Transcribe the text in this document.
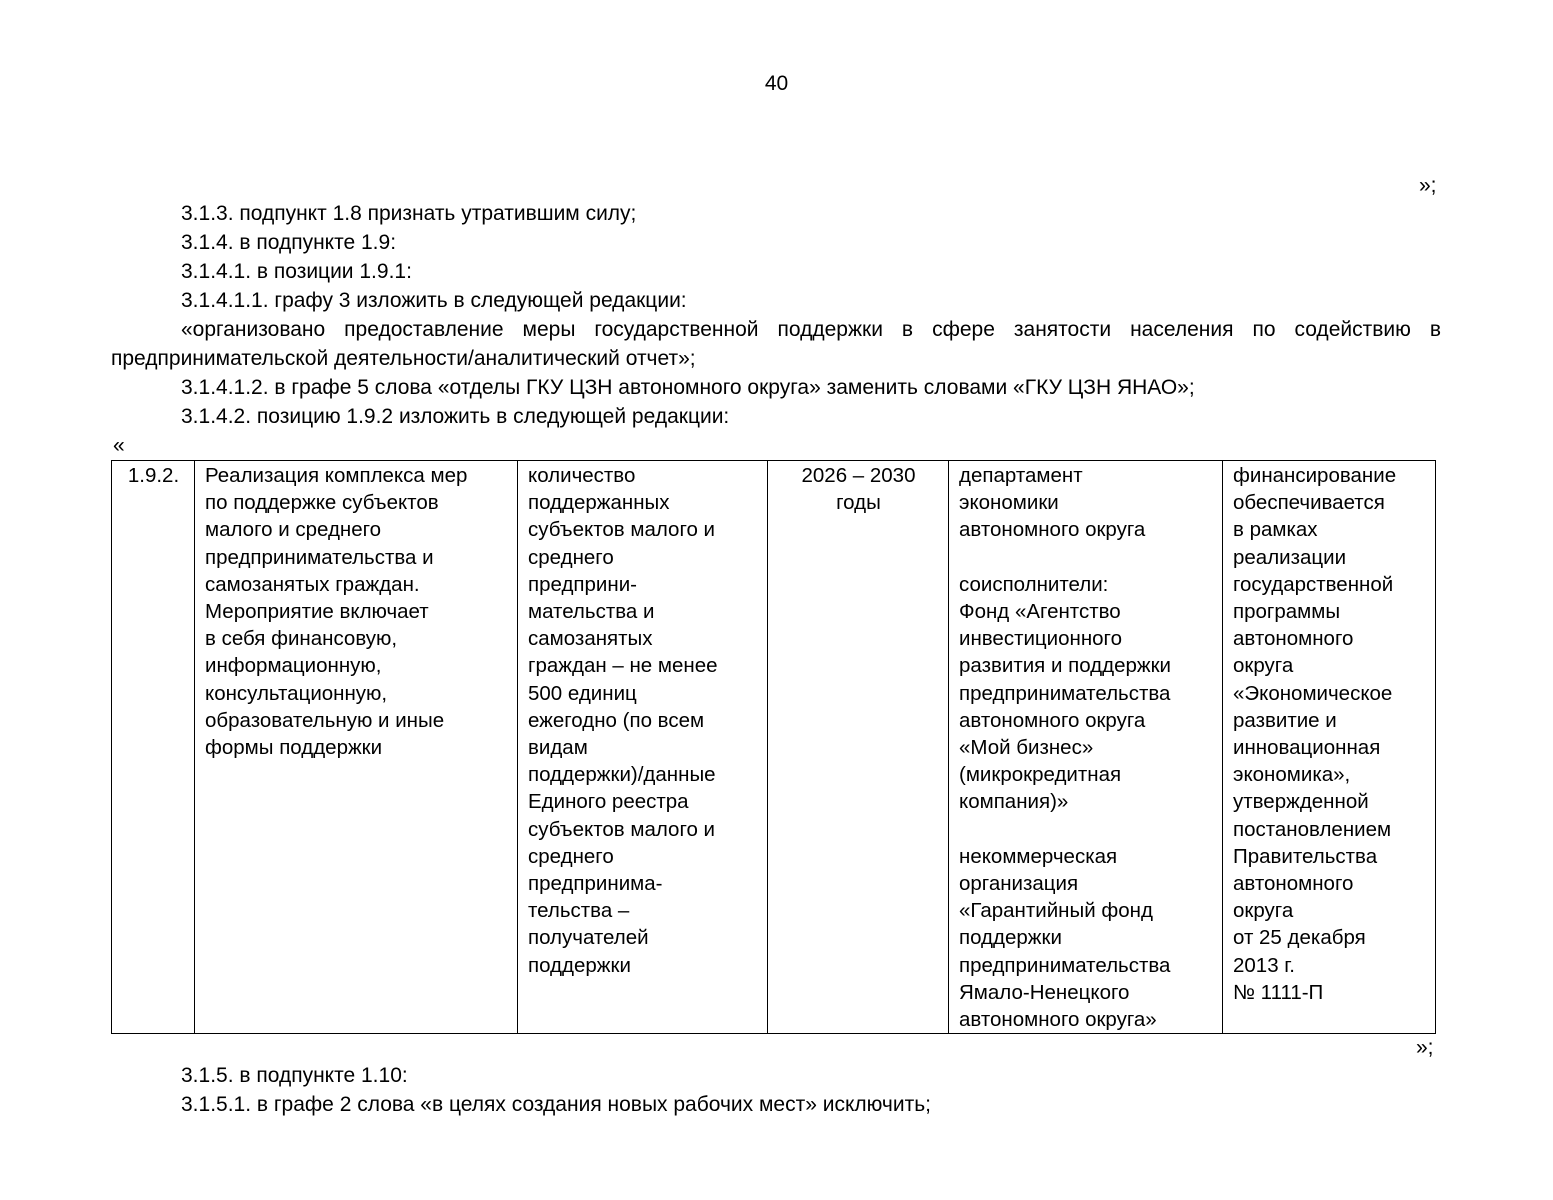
40
»;

3.1.3. подпункт 1.8 признать утратившим силу;

3.1.4. в подпункте 1.9:

3.1.4.1. в позиции 1.9.1:

3.1.4.1.1. графу 3 изложить в следующей редакции:

«организовано предоставление меры государственной поддержки в сфере занятости населения по содействию в предпринимательской деятельности/аналитический отчет»;

3.1.4.1.2. в графе 5 слова «отделы ГКУ ЦЗН автономного округа» заменить словами «ГКУ ЦЗН ЯНАО»;

3.1.4.2. позицию 1.9.2 изложить в следующей редакции:

«
1.9.2.	Реализация комплекса мер
по поддержке субъектов
малого и среднего
предпринимательства и
самозанятых граждан.
Мероприятие включает
в себя финансовую,
информационную,
консультационную,
образовательную и иные
формы поддержки	количество
поддержанных
субъектов малого и
среднего
предприни-
мательства и
самозанятых
граждан – не менее
500 единиц
ежегодно (по всем
видам
поддержки)/данные
Единого реестра
субъектов малого и
среднего
предпринима-
тельства –
получателей
поддержки	2026 – 2030
годы	департамент
экономики
автономного округа

соисполнители:
Фонд «Агентство
инвестиционного
развития и поддержки
предпринимательства
автономного округа
«Мой бизнес»
(микрокредитная
компания)»

некоммерческая
организация
«Гарантийный фонд
поддержки
предпринимательства
Ямало-Ненецкого
автономного округа»	финансирование
обеспечивается
в рамках
реализации
государственной
программы
автономного
округа
«Экономическое
развитие и
инновационная
экономика»,
утвержденной
постановлением
Правительства
автономного
округа
от 25 декабря
2013 г.
№ 1111-П
»;

3.1.5. в подпункте 1.10:

3.1.5.1. в графе 2 слова «в целях создания новых рабочих мест» исключить;
